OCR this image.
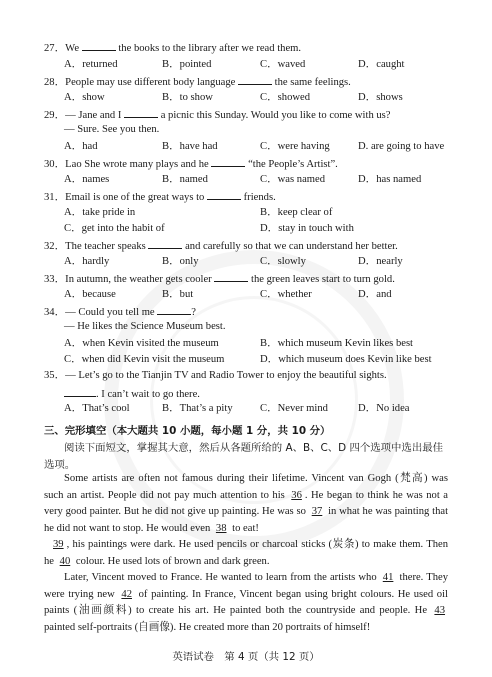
27．We	the books to the library after we read them.
A．returned	B．pointed	C．waved	D．caught
28．People may use different body language	the same feelings.
A．show	B．to show	C．showed	D．shows
29．— Jane and I	a picnic this Sunday. Would you like to come with us?
— Sure. See you then.
A．had	B．have had	C．were having	D. are going to have
30．Lao She wrote many plays and he	“the People’s Artist”.
A．names	B．named	C．was named	D．has named
31．Email is one of the great ways to	friends.
A．take pride in	B．keep clear of
C．get into the habit of	D．stay in touch with
32．The teacher speaks	and carefully so that we can understand her better.
A．hardly	B．only	C．slowly	D．nearly
33．In autumn, the weather gets cooler	the green leaves start to turn gold.
A．because	B．but	C．whether	D．and
34．— Could you tell me	?
— He likes the Science Museum best.
A．when Kevin visited the museum	B．which museum Kevin likes best
C．when did Kevin visit the museum	D．which museum does Kevin like best
35．— Let’s go to the Tianjin TV and Radio Tower to enjoy the beautiful sights.
. I can’t wait to go there.
A．That’s cool	B．That’s a pity	C．Never mind	D．No idea
三、完形填空（本大题共 10 小题，每小题 1 分，共 10 分）
阅读下面短文，掌握其大意，然后从各题所给的 A、B、C、D 四个选项中选出最佳
选项。
Some artists are often not famous during their lifetime. Vincent van Gogh (梵高) was such an artist. People did not pay much attention to his 36 . He began to think he was not a very good painter. But he did not give up painting. He was so 37 in what he was painting that he did not want to stop. He would even 38 to eat!
39 , his paintings were dark. He used pencils or charcoal sticks (炭条) to make them. Then he 40 colour. He used lots of brown and dark green.
Later, Vincent moved to France. He wanted to learn from the artists who 41 there. They were trying new 42 of painting. In France, Vincent began using bright colours. He used oil paints (油画颜料) to create his art. He painted both the countryside and people. He 43 painted self-portraits (自画像). He created more than 20 portraits of himself!
英语试卷　第 4 页（共 12 页）
